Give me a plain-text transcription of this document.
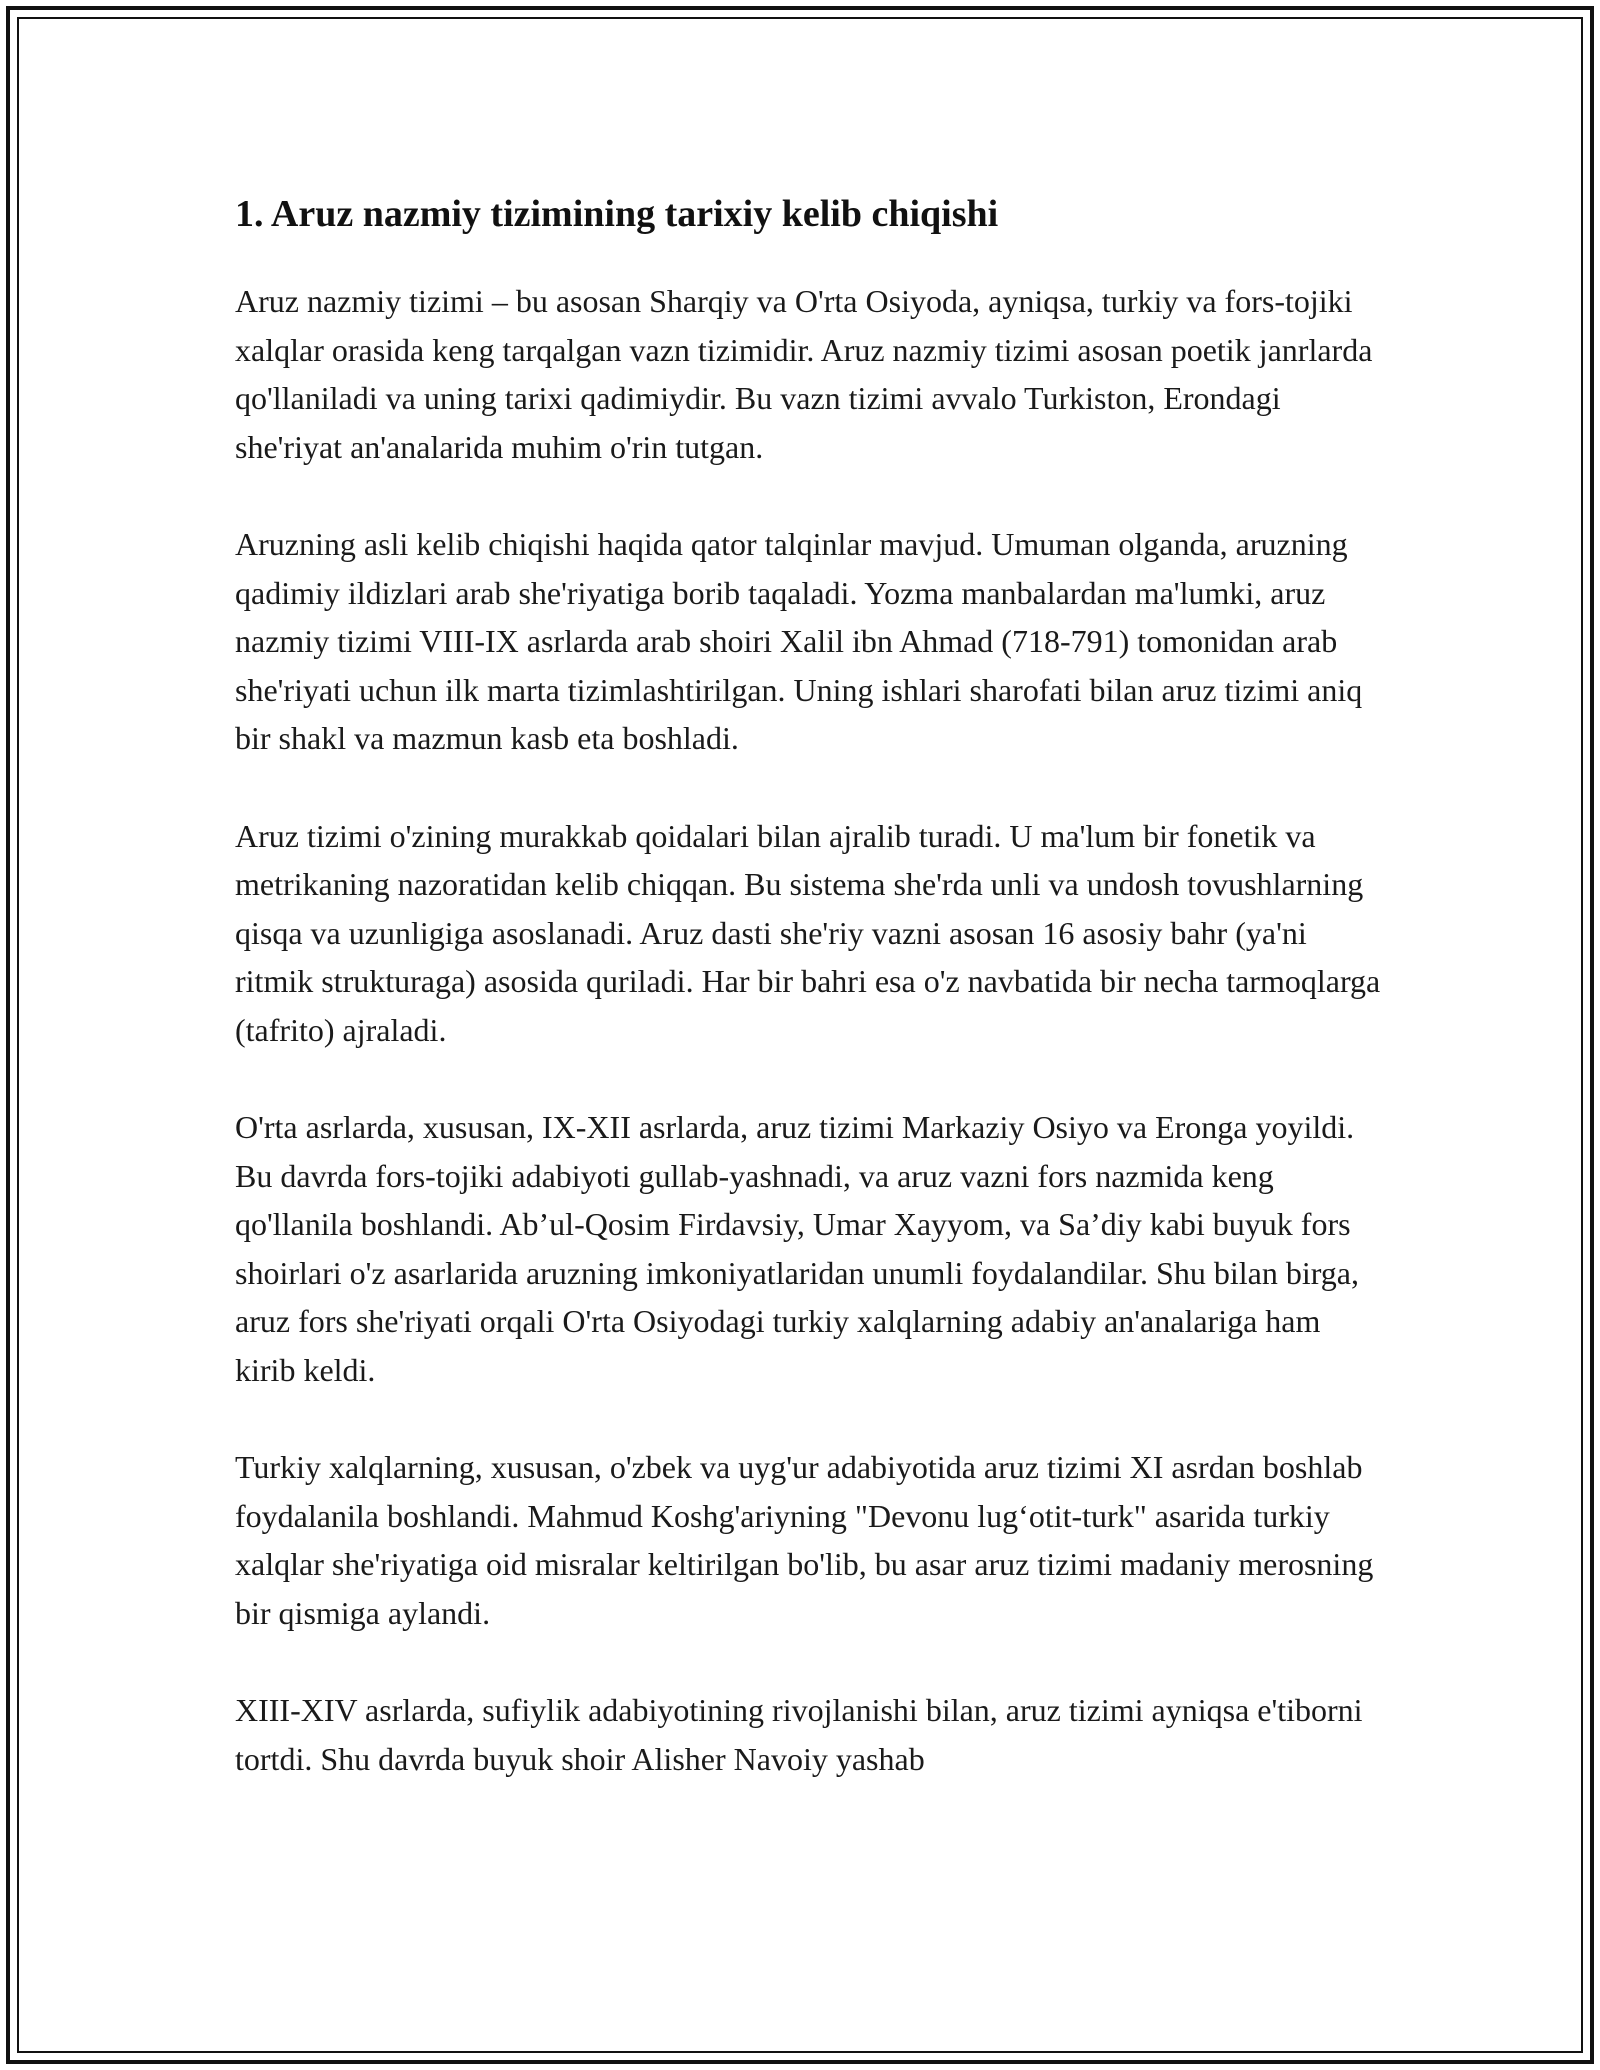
1. Aruz nazmiy tizimining tarixiy kelib chiqishi

Aruz nazmiy tizimi – bu asosan Sharqiy va O'rta Osiyoda, ayniqsa, turkiy va fors-tojiki xalqlar orasida keng tarqalgan vazn tizimidir. Aruz nazmiy tizimi asosan poetik janrlarda qo'llaniladi va uning tarixi qadimiydir. Bu vazn tizimi avvalo Turkiston, Erondagi she'riyat an'analarida muhim o'rin tutgan.

Aruzning asli kelib chiqishi haqida qator talqinlar mavjud. Umuman olganda, aruzning qadimiy ildizlari arab she'riyatiga borib taqaladi. Yozma manbalardan ma'lumki, aruz nazmiy tizimi VIII-IX asrlarda arab shoiri Xalil ibn Ahmad (718-791) tomonidan arab she'riyati uchun ilk marta tizimlashtirilgan. Uning ishlari sharofati bilan aruz tizimi aniq bir shakl va mazmun kasb eta boshladi.

Aruz tizimi o'zining murakkab qoidalari bilan ajralib turadi. U ma'lum bir fonetik va metrikaning nazoratidan kelib chiqqan. Bu sistema she'rda unli va undosh tovushlarning qisqa va uzunligiga asoslanadi. Aruz dasti she'riy vazni asosan 16 asosiy bahr (ya'ni ritmik strukturaga) asosida quriladi. Har bir bahri esa o'z navbatida bir necha tarmoqlarga (tafrito) ajraladi.

O'rta asrlarda, xususan, IX-XII asrlarda, aruz tizimi Markaziy Osiyo va Eronga yoyildi. Bu davrda fors-tojiki adabiyoti gullab-yashnadi, va aruz vazni fors nazmida keng qo'llanila boshlandi. Ab’ul-Qosim Firdavsiy, Umar Xayyom, va Sa’diy kabi buyuk fors shoirlari o'z asarlarida aruzning imkoniyatlaridan unumli foydalandilar. Shu bilan birga, aruz fors she'riyati orqali O'rta Osiyodagi turkiy xalqlarning adabiy an'analariga ham kirib keldi.

Turkiy xalqlarning, xususan, o'zbek va uyg'ur adabiyotida aruz tizimi XI asrdan boshlab foydalanila boshlandi. Mahmud Koshg'ariyning "Devonu lug‘otit-turk" asarida turkiy xalqlar she'riyatiga oid misralar keltirilgan bo'lib, bu asar aruz tizimi madaniy merosning bir qismiga aylandi.

XIII-XIV asrlarda, sufiylik adabiyotining rivojlanishi bilan, aruz tizimi ayniqsa e'tiborni tortdi. Shu davrda buyuk shoir Alisher Navoiy yashab
